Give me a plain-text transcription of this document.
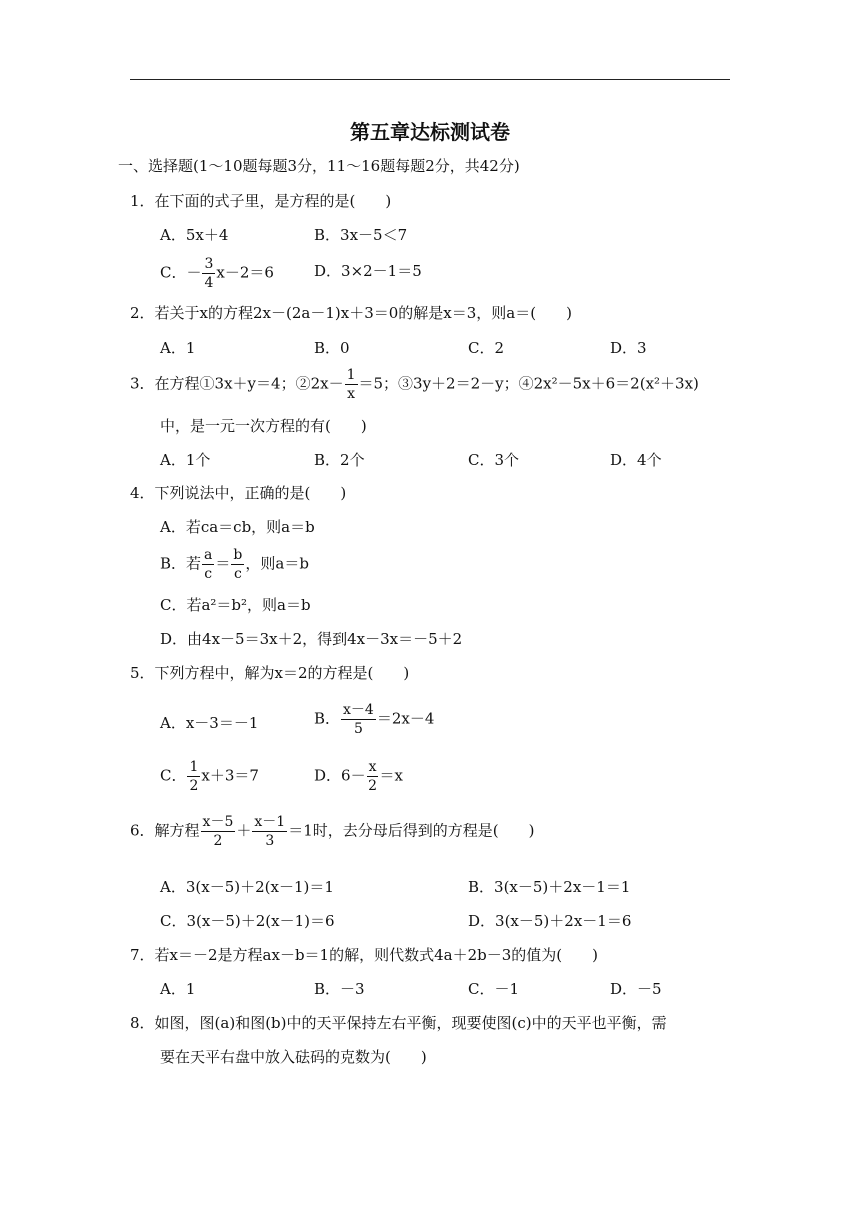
第五章达标测试卷
一、选择题(1～10题每题3分，11～16题每题2分，共42分)
1．在下面的式子里，是方程的是(　　)
A．5x＋4	B．3x－5＜7
C．－ $\frac{3}{4} x-2=6$	D．3×2－1＝5
2．若关于x的方程2x－(2a－1)x＋3＝0的解是x＝3，则a＝(　　)
A．1	B．0	C．2	D．3
3．在方程①3x＋y＝4；②2x－ $\frac{1}{x} =5$；③3y＋2＝2－y；④2x²－5x＋6＝2(x²＋3x)
中，是一元一次方程的有(　　)
A．1个	B．2个	C．3个	D．4个
4．下列说法中，正确的是(　　)
A．若ca＝cb，则a＝b
B．若 $\frac{a}{c} = \frac{b}{c}$ ，则a＝b
C．若a²＝b²，则a＝b
D．由4x－5＝3x＋2，得到4x－3x＝－5＋2
5．下列方程中，解为x＝2的方程是(　　)
A．x－3＝－1	B． $\frac{x-4}{5} =2x-4$
C． $\frac{1}{2} x+3=7$	D．$6- \frac{x}{2} =x$
6．解方程 $\frac{x-5}{2} + \frac{x-1}{3} =1$时，去分母后得到的方程是(　　)
A．3(x－5)＋2(x－1)＝1	B．3(x－5)＋2x－1＝1
C．3(x－5)＋2(x－1)＝6	D．3(x－5)＋2x－1＝6
7．若x＝－2是方程ax－b＝1的解，则代数式4a＋2b－3的值为(　　)
A．1	B．－3	C．－1	D．－5
8．如图，图(a)和图(b)中的天平保持左右平衡，现要使图(c)中的天平也平衡，需
要在天平右盘中放入砝码的克数为(　　)
